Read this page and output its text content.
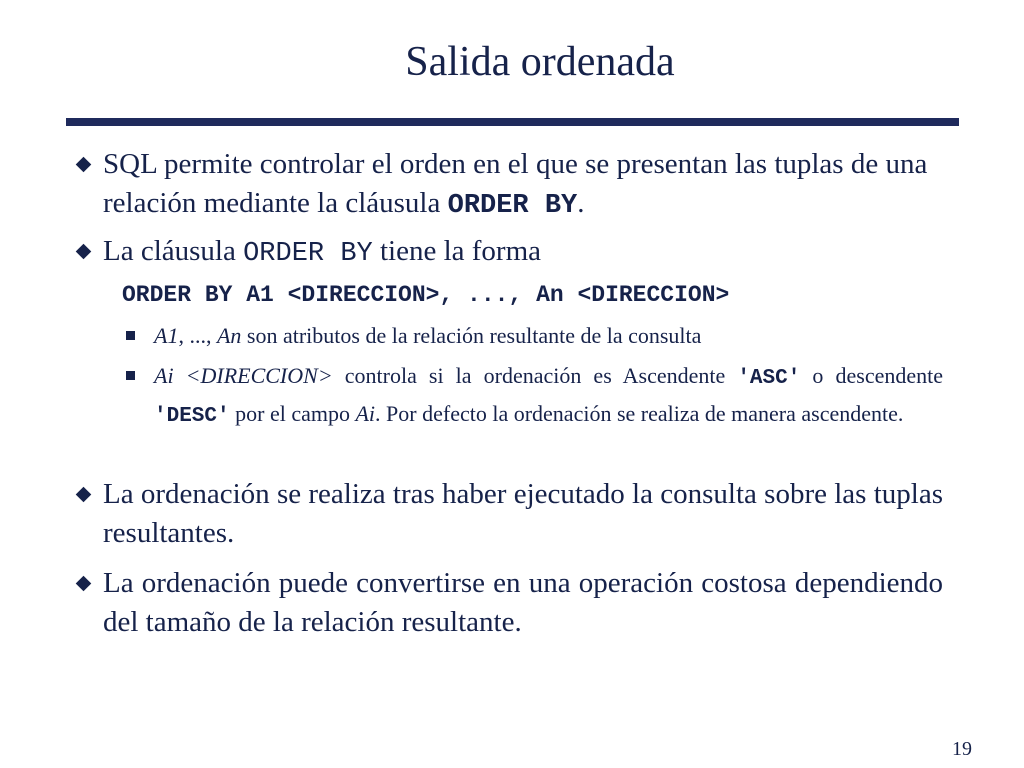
Salida ordenada
SQL permite controlar el orden en el que se presentan las tuplas de una relación mediante la cláusula ORDER BY.
La cláusula ORDER BY tiene la forma
ORDER BY A1 <DIRECCION>, ..., An <DIRECCION>
A1, ..., An son atributos de la relación resultante de la consulta
Ai <DIRECCION> controla si la ordenación es Ascendente 'ASC' o descendente 'DESC' por el campo Ai. Por defecto la ordenación se realiza de manera ascendente.
La ordenación se realiza tras haber ejecutado la consulta sobre las tuplas resultantes.
La ordenación puede convertirse en una operación costosa dependiendo del tamaño de la relación resultante.
19
